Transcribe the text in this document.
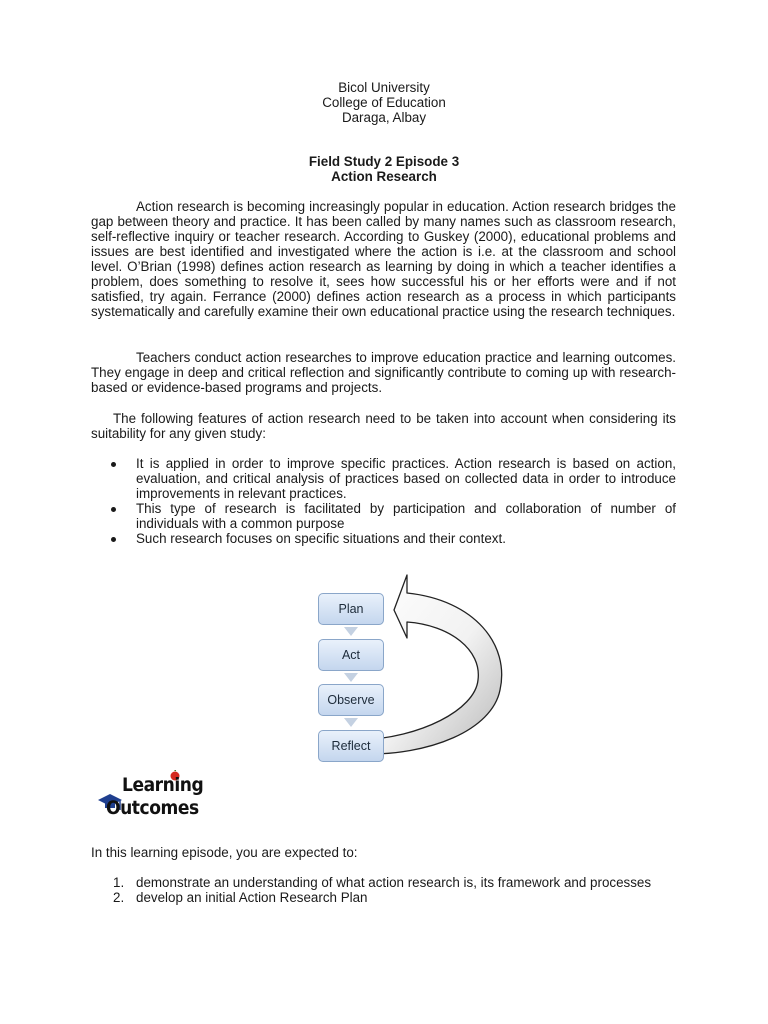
Bicol University
College of Education
Daraga, Albay
Field Study 2 Episode 3
Action Research
Action research is becoming increasingly popular in education. Action research bridges the gap between theory and practice. It has been called by many names such as classroom research, self-reflective inquiry or teacher research. According to Guskey (2000), educational problems and issues are best identified and investigated where the action is i.e. at the classroom and school level. O’Brian (1998) defines action research as learning by doing in which a teacher identifies a problem, does something to resolve it, sees how successful his or her efforts were and if not satisfied, try again. Ferrance (2000) defines action research as a process in which participants systematically and carefully examine their own educational practice using the research techniques.
Teachers conduct action researches to improve education practice and learning outcomes. They engage in deep and critical reflection and significantly contribute to coming up with research-based or evidence-based programs and projects.
The following features of action research need to be taken into account when considering its suitability for any given study:
It is applied in order to improve specific practices. Action research is based on action, evaluation, and critical analysis of practices based on collected data in order to introduce improvements in relevant practices.
This type of research is facilitated by participation and collaboration of number of individuals with a common purpose
Such research focuses on specific situations and their context.
Plan
Act
Observe
Reflect
Learning
Outcomes
In this learning episode, you are expected to:
1. demonstrate an understanding of what action research is, its framework and processes
2. develop an initial Action Research Plan
